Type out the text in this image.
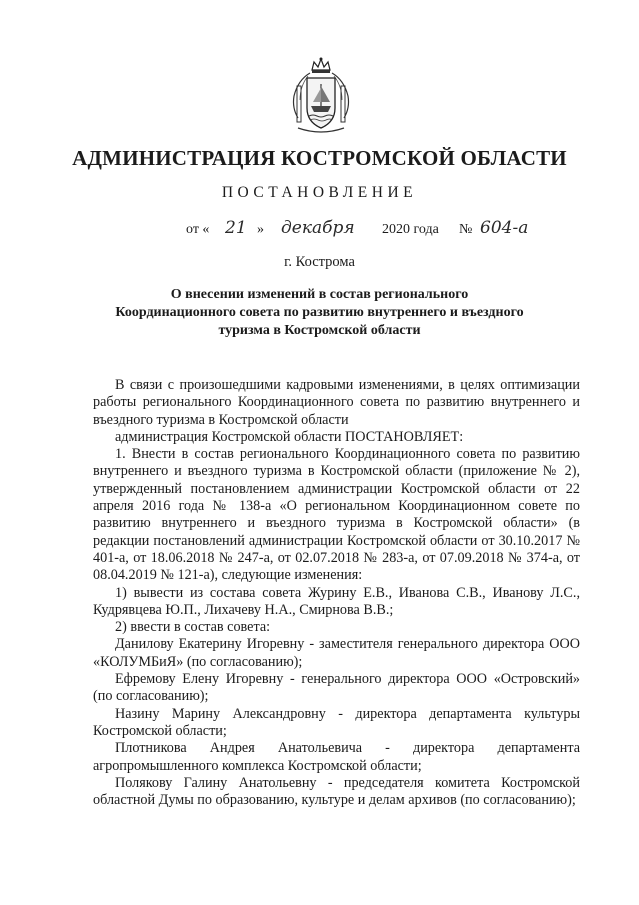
АДМИНИСТРАЦИЯ КОСТРОМСКОЙ ОБЛАСТИ
ПОСТАНОВЛЕНИЕ
от « 21 » декабря 2020 года № 604-а
г. Кострома
О внесении изменений в состав регионального
Координационного совета по развитию внутреннего и въездного
туризма в Костромской области

В связи с произошедшими кадровыми изменениями, в целях оптимизации работы регионального Координационного совета по развитию внутреннего и въездного туризма в Костромской области

администрация Костромской области ПОСТАНОВЛЯЕТ:

1. Внести в состав регионального Координационного совета по развитию внутреннего и въездного туризма в Костромской области (приложение № 2), утвержденный постановлением администрации Костромской области от 22 апреля 2016 года № 138-а «О региональном Координационном совете по развитию внутреннего и въездного туризма в Костромской области» (в редакции постановлений администрации Костромской области от 30.10.2017 № 401-а, от 18.06.2018 № 247-а, от 02.07.2018 № 283-а, от 07.09.2018 № 374-а, от 08.04.2019 № 121-а), следующие изменения:

1) вывести из состава совета Журину Е.В., Иванова С.В., Иванову Л.С., Кудрявцева Ю.П., Лихачеву Н.А., Смирнова В.В.;

2) ввести в состав совета:

Данилову Екатерину Игоревну - заместителя генерального директора ООО «КОЛУМБиЯ» (по согласованию);

Ефремову Елену Игоревну - генерального директора ООО «Островский» (по согласованию);

Назину Марину Александровну - директора департамента культуры Костромской области;

Плотникова Андрея Анатольевича - директора департамента агропромышленного комплекса Костромской области;

Полякову Галину Анатольевну - председателя комитета Костромской областной Думы по образованию, культуре и делам архивов (по согласованию);
